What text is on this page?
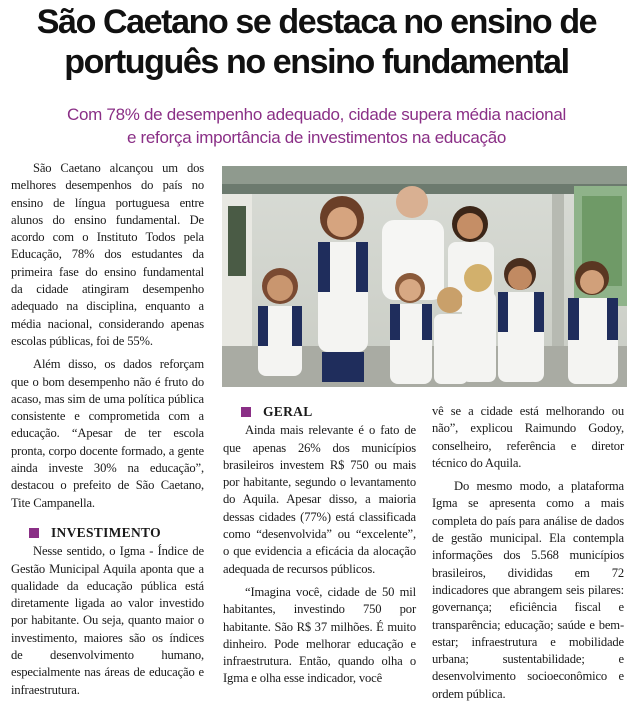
São Caetano se destaca no ensino de
português no ensino fundamental
Com 78% de desempenho adequado, cidade supera média nacional
e reforça importância de investimentos na educação

São Caetano alcançou um dos melhores desempenhos do país no ensino de língua portuguesa entre alunos do ensino fundamental. De acordo com o Instituto Todos pela Educação, 78% dos estudantes da primeira fase do ensino fundamental da cidade atingiram desempenho adequado na disciplina, enquanto a média nacional, considerando apenas escolas públicas, foi de 55%.

Além disso, os dados reforçam que o bom desempenho não é fruto do acaso, mas sim de uma política pública consistente e comprometida com a educação. “Apesar de ter escola pronta, corpo docente formado, a gente ainda investe 30% na educação”, destacou o prefeito de São Caetano, Tite Campanella.

INVESTIMENTO

Nesse sentido, o Igma - Índice de Gestão Municipal Aquila aponta que a qualidade da educação pública está diretamente ligada ao valor investido por habitante. Ou seja, quanto maior o investimento, maiores são os índices de desenvolvimento humano, especialmente nas áreas de educação e infraestrutura.

GERAL

Ainda mais relevante é o fato de que apenas 26% dos municípios brasileiros investem R$ 750 ou mais por habitante, segundo o levantamento do Aquila. Apesar disso, a maioria dessas cidades (77%) está classificada como “desenvolvida” ou “excelente”, o que evidencia a eficácia da alocação adequada de recursos públicos.

“Imagina você, cidade de 50 mil habitantes, investindo 750 por habitante. São R$ 37 milhões. É muito dinheiro. Pode melhorar educação e infraestrutura. Então, quando olha o Igma e olha esse indicador, você

vê se a cidade está melhorando ou não”, explicou Raimundo Godoy, conselheiro, referência e diretor técnico do Aquila.

Do mesmo modo, a plataforma Igma se apresenta como a mais completa do país para análise de dados de gestão municipal. Ela contempla informações dos 5.568 municípios brasileiros, divididas em 72 indicadores que abrangem seis pilares: governança; eficiência fiscal e transparência; educação; saúde e bem-estar; infraestrutura e mobilidade urbana; sustentabilidade; e desenvolvimento socioeconômico e ordem pública.
